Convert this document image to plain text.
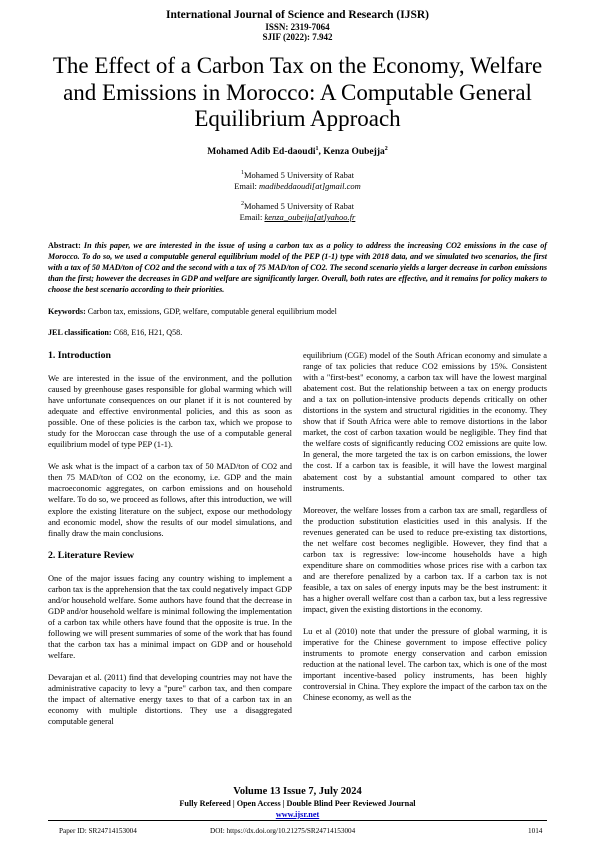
International Journal of Science and Research (IJSR)
ISSN: 2319-7064
SJIF (2022): 7.942
The Effect of a Carbon Tax on the Economy, Welfare and Emissions in Morocco: A Computable General Equilibrium Approach
Mohamed Adib Ed-daoudi$^1$, Kenza Oubejja$^2$
$^1$Mohamed 5 University of Rabat
Email: madibeddaoudi[at]gmail.com
$^2$Mohamed 5 University of Rabat
Email: kenza_oubejja[at]yahoo.fr
Abstract: In this paper, we are interested in the issue of using a carbon tax as a policy to address the increasing CO2 emissions in the case of Morocco. To do so, we used a computable general equilibrium model of the PEP (1-1) type with 2018 data, and we simulated two scenarios, the first with a tax of 50 MAD/ton of CO2 and the second with a tax of 75 MAD/ton of CO2. The second scenario yields a larger decrease in carbon emissions than the first; however the decreases in GDP and welfare are significantly larger. Overall, both rates are effective, and it remains for policy makers to choose the best scenario according to their priorities.
Keywords: Carbon tax, emissions, GDP, welfare, computable general equilibrium model
JEL classification: C68, E16, H21, Q58.
1. Introduction

We are interested in the issue of the environment, and the pollution caused by greenhouse gases responsible for global warming which will have unfortunate consequences on our planet if it is not countered by adequate and effective environmental policies, and this as soon as possible. One of these policies is the carbon tax, which we propose to study for the Moroccan case through the use of a computable general equilibrium model of type PEP (1-1).

We ask what is the impact of a carbon tax of 50 MAD/ton of CO2 and then 75 MAD/ton of CO2 on the economy, i.e. GDP and the main macroeconomic aggregates, on carbon emissions and on household welfare. To do so, we proceed as follows, after this introduction, we will explore the existing literature on the subject, expose our methodology and economic model, show the results of our model simulations, and finally draw the main conclusions.

2. Literature Review

One of the major issues facing any country wishing to implement a carbon tax is the apprehension that the tax could negatively impact GDP and/or household welfare. Some authors have found that the decrease in GDP and/or household welfare is minimal following the implementation of a carbon tax while others have found that the opposite is true. In the following we will present summaries of some of the work that has found that the carbon tax has a minimal impact on GDP and or household welfare.

Devarajan et al. (2011) find that developing countries may not have the administrative capacity to levy a "pure" carbon tax, and then compare the impact of alternative energy taxes to that of a carbon tax in an economy with multiple distortions. They use a disaggregated computable general

equilibrium (CGE) model of the South African economy and simulate a range of tax policies that reduce CO2 emissions by 15%. Consistent with a "first-best" economy, a carbon tax will have the lowest marginal abatement cost. But the relationship between a tax on energy products and a tax on pollution-intensive products depends critically on other distortions in the system and structural rigidities in the economy. They show that if South Africa were able to remove distortions in the labor market, the cost of carbon taxation would be negligible. They find that the welfare costs of significantly reducing CO2 emissions are quite low. In general, the more targeted the tax is on carbon emissions, the lower the cost. If a carbon tax is feasible, it will have the lowest marginal abatement cost by a substantial amount compared to other tax instruments.

Moreover, the welfare losses from a carbon tax are small, regardless of the production substitution elasticities used in this analysis. If the revenues generated can be used to reduce pre-existing tax distortions, the net welfare cost becomes negligible. However, they find that a carbon tax is regressive: low-income households have a high expenditure share on commodities whose prices rise with a carbon tax and are therefore penalized by a carbon tax. If a carbon tax is not feasible, a tax on sales of energy inputs may be the best instrument: it has a higher overall welfare cost than a carbon tax, but a less regressive impact, given the existing distortions in the economy.

Lu et al (2010) note that under the pressure of global warming, it is imperative for the Chinese government to impose effective policy instruments to promote energy conservation and carbon emission reduction at the national level. The carbon tax, which is one of the most important incentive-based policy instruments, has been highly controversial in China. They explore the impact of the carbon tax on the Chinese economy, as well as the

Volume 13 Issue 7, July 2024
Fully Refereed | Open Access | Double Blind Peer Reviewed Journal
www.ijsr.net
Paper ID: SR24714153004	DOI: https://dx.doi.org/10.21275/SR24714153004	1014
